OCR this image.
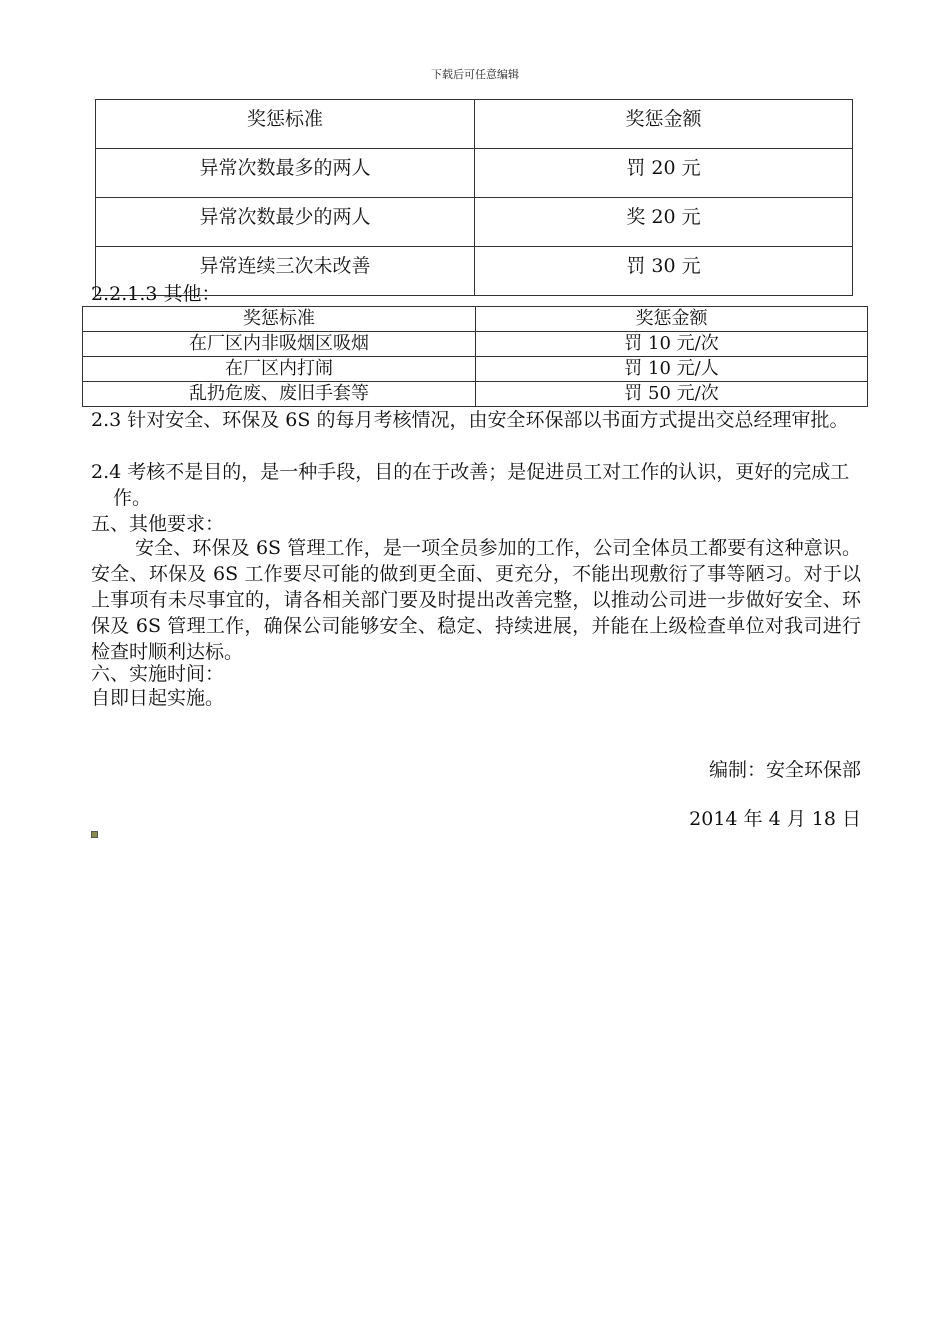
下载后可任意编辑
奖惩标准	奖惩金额
异常次数最多的两人	罚 20 元
异常次数最少的两人	奖 20 元
异常连续三次未改善	罚 30 元

2.2.1.3 其他：

奖惩标准	奖惩金额
在厂区内非吸烟区吸烟	罚 10 元/次
在厂区内打闹	罚 10 元/人
乱扔危废、废旧手套等	罚 50 元/次

2.3 针对安全、环保及 6S 的每月考核情况，由安全环保部以书面方式提出交总经理审批。

2.4 考核不是目的，是一种手段，目的在于改善；是促进员工对工作的认识，更好的完成工作。

五、其他要求：

安全、环保及 6S 管理工作，是一项全员参加的工作，公司全体员工都要有这种意识。安全、环保及 6S 工作要尽可能的做到更全面、更充分，不能出现敷衍了事等陋习。对于以上事项有未尽事宜的，请各相关部门要及时提出改善完整，以推动公司进一步做好安全、环保及 6S 管理工作，确保公司能够安全、稳定、持续进展，并能在上级检查单位对我司进行检查时顺利达标。

六、实施时间：

自即日起实施。

编制：安全环保部

2014 年 4 月 18 日
